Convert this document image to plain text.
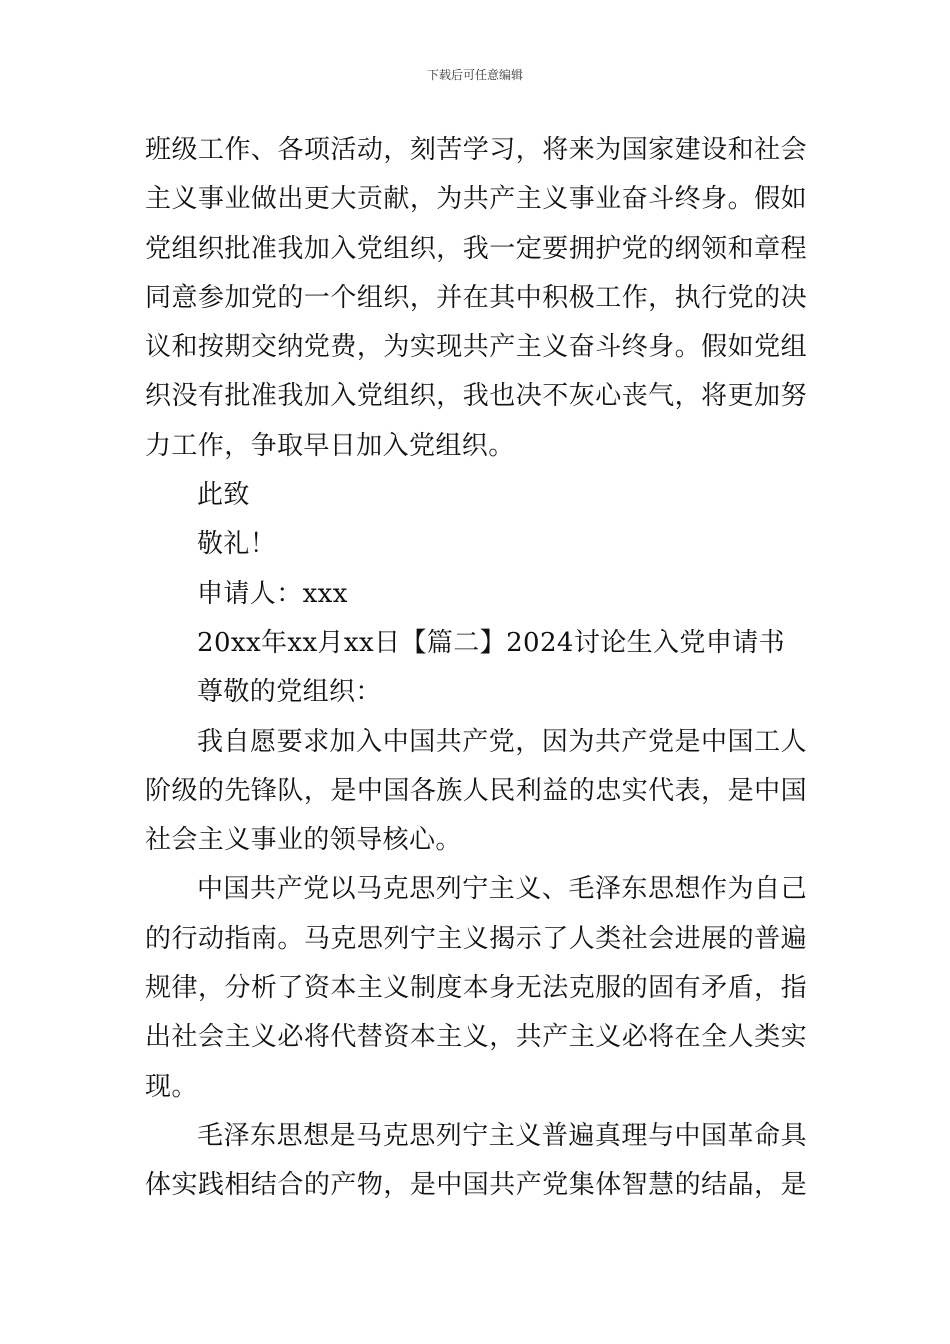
下载后可任意编辑
班级工作、各项活动，刻苦学习，将来为国家建设和社会
主义事业做出更大贡献，为共产主义事业奋斗终身。假如
党组织批准我加入党组织，我一定要拥护党的纲领和章程
同意参加党的一个组织，并在其中积极工作，执行党的决
议和按期交纳党费，为实现共产主义奋斗终身。假如党组
织没有批准我加入党组织，我也决不灰心丧气，将更加努
力工作，争取早日加入党组织。
此致
敬礼！
申请人：xxx
20xx年xx月xx日【篇二】2024讨论生入党申请书
尊敬的党组织：
我自愿要求加入中国共产党，因为共产党是中国工人
阶级的先锋队，是中国各族人民利益的忠实代表，是中国
社会主义事业的领导核心。
中国共产党以马克思列宁主义、毛泽东思想作为自己
的行动指南。马克思列宁主义揭示了人类社会进展的普遍
规律，分析了资本主义制度本身无法克服的固有矛盾，指
出社会主义必将代替资本主义，共产主义必将在全人类实
现。
毛泽东思想是马克思列宁主义普遍真理与中国革命具
体实践相结合的产物，是中国共产党集体智慧的结晶，是
